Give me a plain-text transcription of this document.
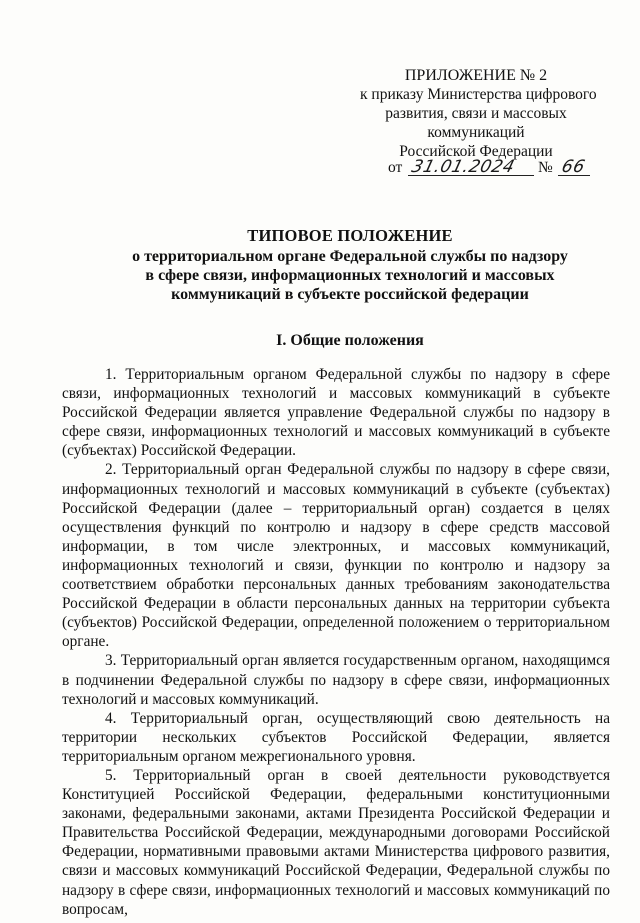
ПРИЛОЖЕНИЕ № 2
к приказу Министерства цифрового
развития, связи и массовых
коммуникаций
Российской Федерации
от 31.01.2024 № 66
ТИПОВОЕ ПОЛОЖЕНИЕ
о территориальном органе Федеральной службы по надзору
в сфере связи, информационных технологий и массовых
коммуникаций в субъекте российской федерации
I. Общие положения

1. Территориальным органом Федеральной службы по надзору в сфере связи, информационных технологий и массовых коммуникаций в субъекте Российской Федерации является управление Федеральной службы по надзору в сфере связи, информационных технологий и массовых коммуникаций в субъекте (субъектах) Российской Федерации.

2. Территориальный орган Федеральной службы по надзору в сфере связи, информационных технологий и массовых коммуникаций в субъекте (субъектах) Российской Федерации (далее – территориальный орган) создается в целях осуществления функций по контролю и надзору в сфере средств массовой информации, в том числе электронных, и массовых коммуникаций, информационных технологий и связи, функции по контролю и надзору за соответствием обработки персональных данных требованиям законодательства Российской Федерации в области персональных данных на территории субъекта (субъектов) Российской Федерации, определенной положением о территориальном органе.

3. Территориальный орган является государственным органом, находящимся в подчинении Федеральной службы по надзору в сфере связи, информационных технологий и массовых коммуникаций.

4. Территориальный орган, осуществляющий свою деятельность на территории нескольких субъектов Российской Федерации, является территориальным органом межрегионального уровня.

5. Территориальный орган в своей деятельности руководствуется Конституцией Российской Федерации, федеральными конституционными законами, федеральными законами, актами Президента Российской Федерации и Правительства Российской Федерации, международными договорами Российской Федерации, нормативными правовыми актами Министерства цифрового развития, связи и массовых коммуникаций Российской Федерации, Федеральной службы по надзору в сфере связи, информационных технологий и массовых коммуникаций по вопросам,
